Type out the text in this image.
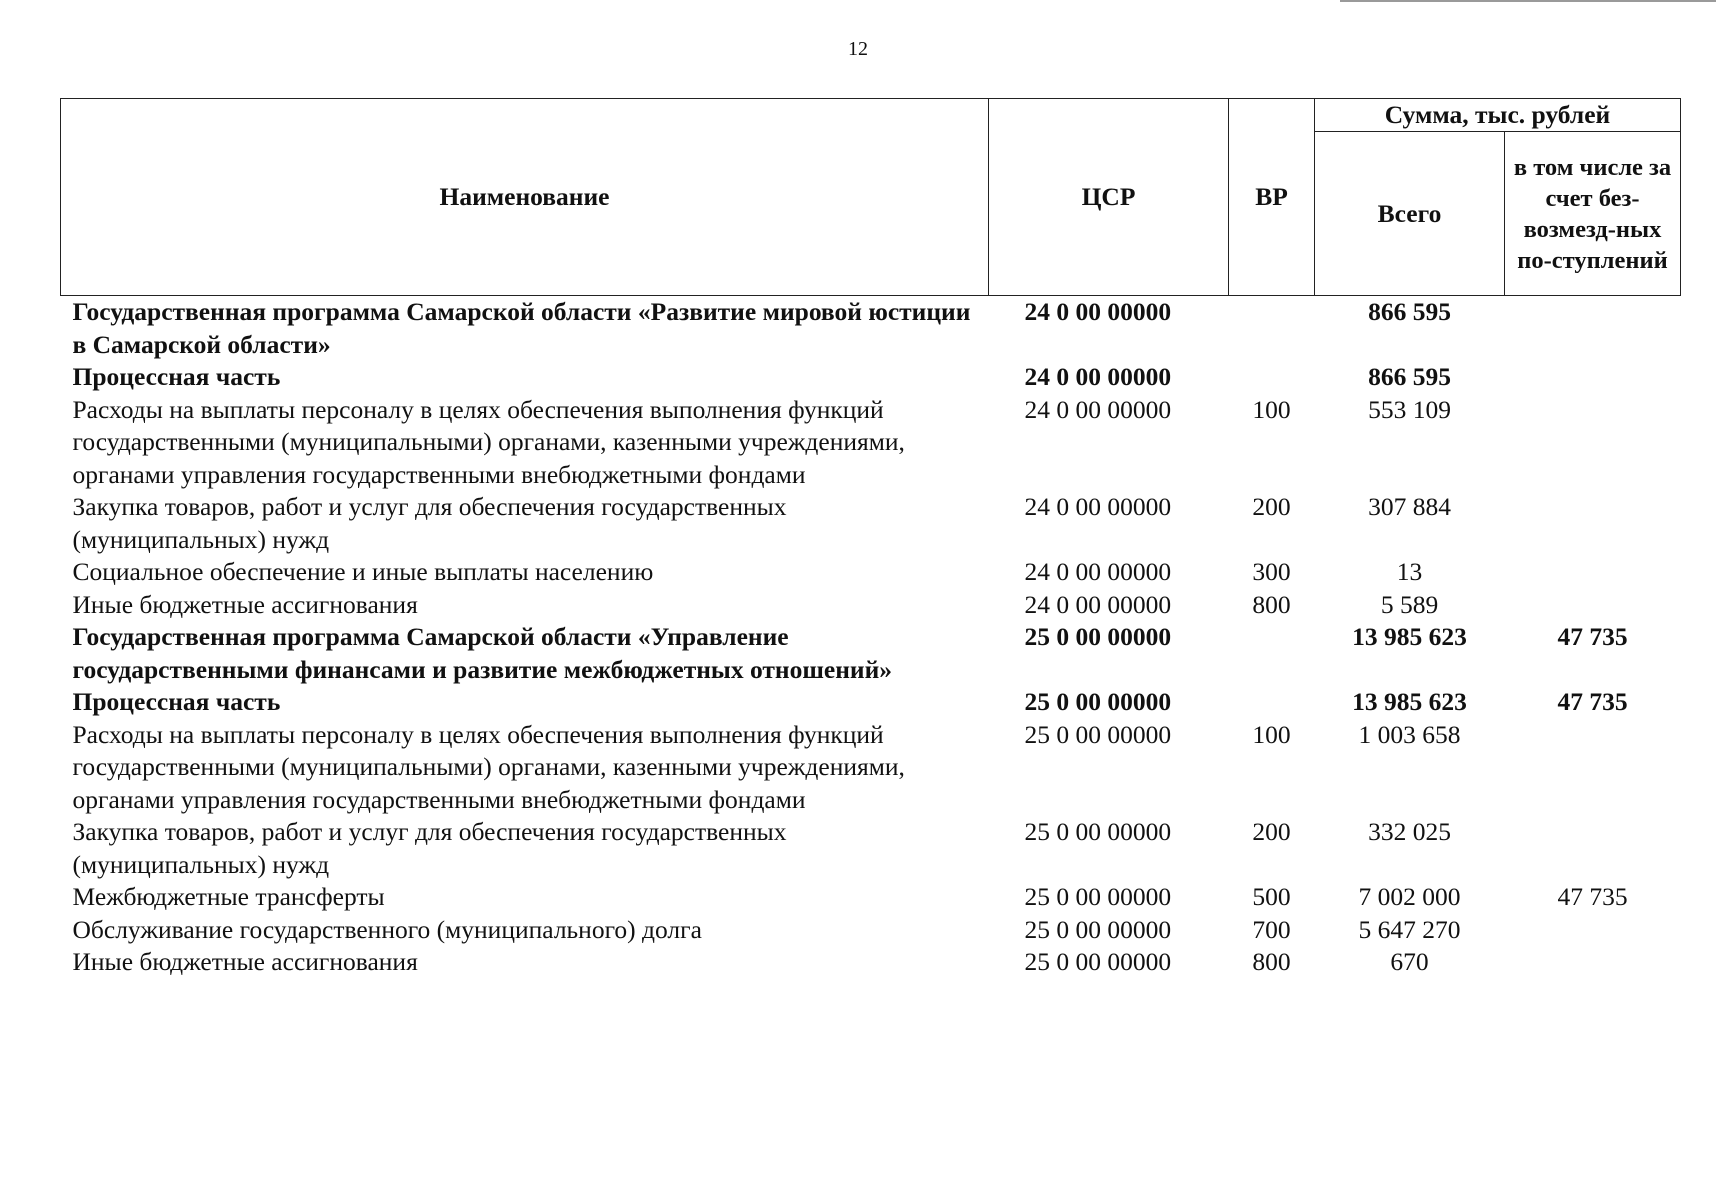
12
Наименование	ЦСР	ВР	Сумма, тыс. рублей	
			Всего	в том числе за счет без-возмезд-ных по-ступлений
Государственная программа Самарской области «Развитие мировой юстиции в Самарской области»	24 0 00 00000		866 595	
Процессная часть	24 0 00 00000		866 595	
Расходы на выплаты персоналу в целях обеспечения выполнения функций государственными (муниципальными) органами, казенными учреждениями, органами управления государственными внебюджетными фондами	24 0 00 00000	100	553 109	
Закупка товаров, работ и услуг для обеспечения государственных (муниципальных) нужд	24 0 00 00000	200	307 884	
Социальное обеспечение и иные выплаты населению	24 0 00 00000	300	13	
Иные бюджетные ассигнования	24 0 00 00000	800	5 589	
Государственная программа Самарской области «Управление государственными финансами и развитие межбюджетных отношений»	25 0 00 00000		13 985 623	47 735
Процессная часть	25 0 00 00000		13 985 623	47 735
Расходы на выплаты персоналу в целях обеспечения выполнения функций государственными (муниципальными) органами, казенными учреждениями, органами управления государственными внебюджетными фондами	25 0 00 00000	100	1 003 658	
Закупка товаров, работ и услуг для обеспечения государственных (муниципальных) нужд	25 0 00 00000	200	332 025	
Межбюджетные трансферты	25 0 00 00000	500	7 002 000	47 735
Обслуживание государственного (муниципального) долга	25 0 00 00000	700	5 647 270	
Иные бюджетные ассигнования	25 0 00 00000	800	670	
